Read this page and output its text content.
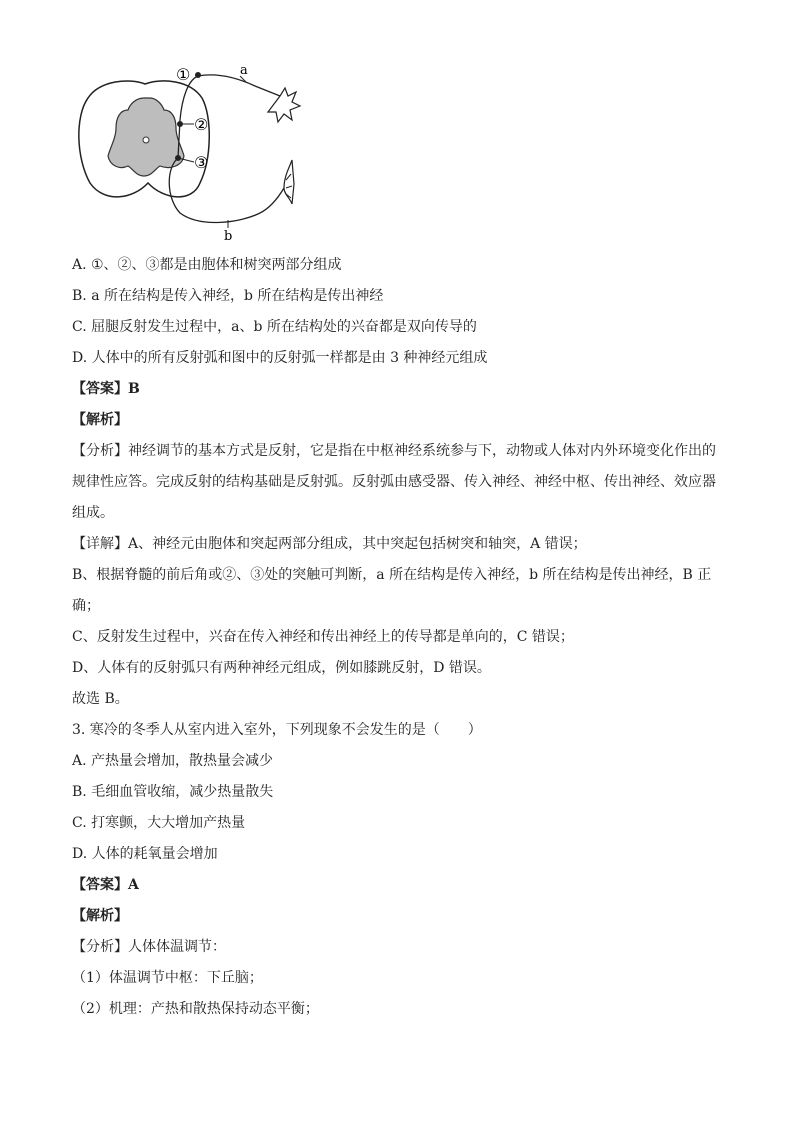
①	a
②
③
b
A. ①、②、③都是由胞体和树突两部分组成
B. a 所在结构是传入神经，b 所在结构是传出神经
C. 屈腿反射发生过程中，a、b 所在结构处的兴奋都是双向传导的
D. 人体中的所有反射弧和图中的反射弧一样都是由 3 种神经元组成
【答案】B
【解析】
【分析】神经调节的基本方式是反射，它是指在中枢神经系统参与下，动物或人体对内外环境变化作出的
规律性应答。完成反射的结构基础是反射弧。反射弧由感受器、传入神经、神经中枢、传出神经、效应器
组成。
【详解】A、神经元由胞体和突起两部分组成，其中突起包括树突和轴突，A 错误；
B、根据脊髓的前后角或②、③处的突触可判断，a 所在结构是传入神经，b 所在结构是传出神经，B 正
确；
C、反射发生过程中，兴奋在传入神经和传出神经上的传导都是单向的，C 错误；
D、人体有的反射弧只有两种神经元组成，例如膝跳反射，D 错误。
故选 B。
3. 寒冷的冬季人从室内进入室外，下列现象不会发生的是（　　）
A. 产热量会增加，散热量会减少
B. 毛细血管收缩，减少热量散失
C. 打寒颤，大大增加产热量
D. 人体的耗氧量会增加
【答案】A
【解析】
【分析】人体体温调节：
（1）体温调节中枢：下丘脑；
（2）机理：产热和散热保持动态平衡；
